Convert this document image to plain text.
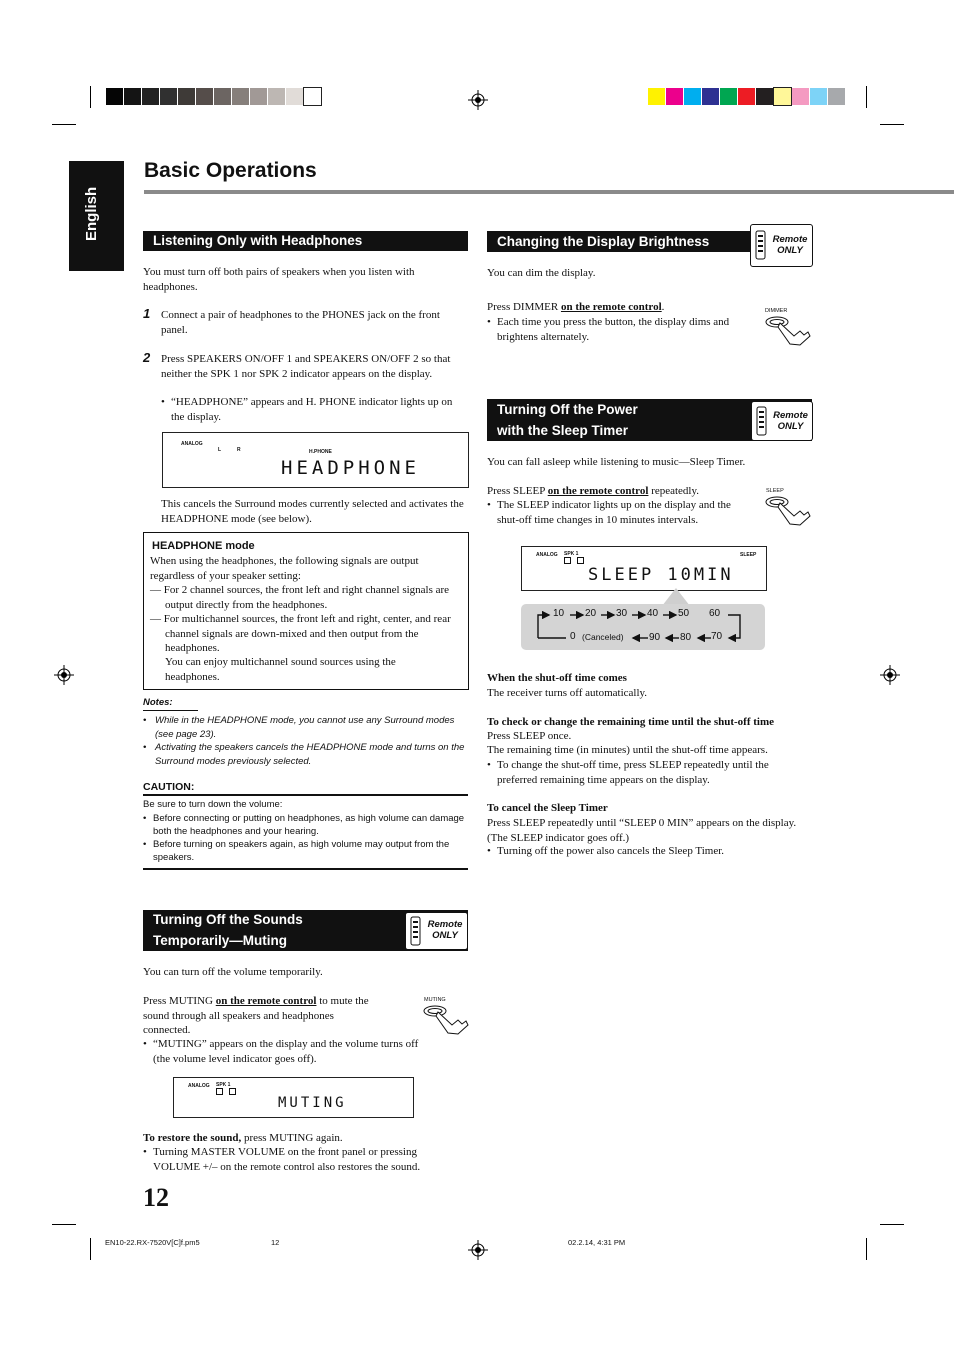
English
Basic Operations
Listening Only with Headphones
You must turn off both pairs of speakers when you listen with headphones.
1 Connect a pair of headphones to the PHONES jack on the front panel.
2 Press SPEAKERS ON/OFF 1 and SPEAKERS ON/OFF 2 so that neither the SPK 1 nor SPK 2 indicator appears on the display.
• “HEADPHONE” appears and H. PHONE indicator lights up on the display.
ANALOG
L	R	H.PHONE
HEADPHONE
This cancels the Surround modes currently selected and activates the HEADPHONE mode (see below).
HEADPHONE mode
When using the headphones, the following signals are output regardless of your speaker setting:
— For 2 channel sources, the front left and right channel signals are output directly from the headphones.
— For multichannel sources, the front left and right, center, and rear channel signals are down-mixed and then output from the headphones.
You can enjoy multichannel sound sources using the headphones.
Notes:
• While in the HEADPHONE mode, you cannot use any Surround modes (see page 23).
• Activating the speakers cancels the HEADPHONE mode and turns on the Surround modes previously selected.
CAUTION:
Be sure to turn down the volume:
• Before connecting or putting on headphones, as high volume can damage both the headphones and your hearing.
• Before turning on speakers again, as high volume may output from the speakers.
Turning Off the Sounds
Temporarily—Muting
Remote
ONLY
You can turn off the volume temporarily.
Press MUTING on the remote control to mute the sound through all speakers and headphones connected.
MUTING
• “MUTING” appears on the display and the volume turns off (the volume level indicator goes off).
ANALOG SPK 1
MUTING
To restore the sound, press MUTING again.
• Turning MASTER VOLUME on the front panel or pressing VOLUME +/– on the remote control also restores the sound.
Changing the Display Brightness	Remote
ONLY
You can dim the display.
Press DIMMER on the remote control.
• Each time you press the button, the display dims and brightens alternately.
DIMMER
Turning Off the Power
with the Sleep Timer
Remote
ONLY
You can fall asleep while listening to music—Sleep Timer.
Press SLEEP on the remote control repeatedly.
• The SLEEP indicator lights up on the display and the shut-off time changes in 10 minutes intervals.
SLEEP
ANALOG SPK 1	SLEEP
SLEEP 10MIN
10 20 30 40 50 60
0 (Canceled)	90 80 70
When the shut-off time comes
The receiver turns off automatically.
To check or change the remaining time until the shut-off time
Press SLEEP once.
The remaining time (in minutes) until the shut-off time appears.
• To change the shut-off time, press SLEEP repeatedly until the preferred remaining time appears on the display.
To cancel the Sleep Timer
Press SLEEP repeatedly until “SLEEP 0 MIN” appears on the display. (The SLEEP indicator goes off.)
• Turning off the power also cancels the Sleep Timer.
12
EN10-22.RX-7520V[C]f.pm5	12	02.2.14, 4:31 PM
